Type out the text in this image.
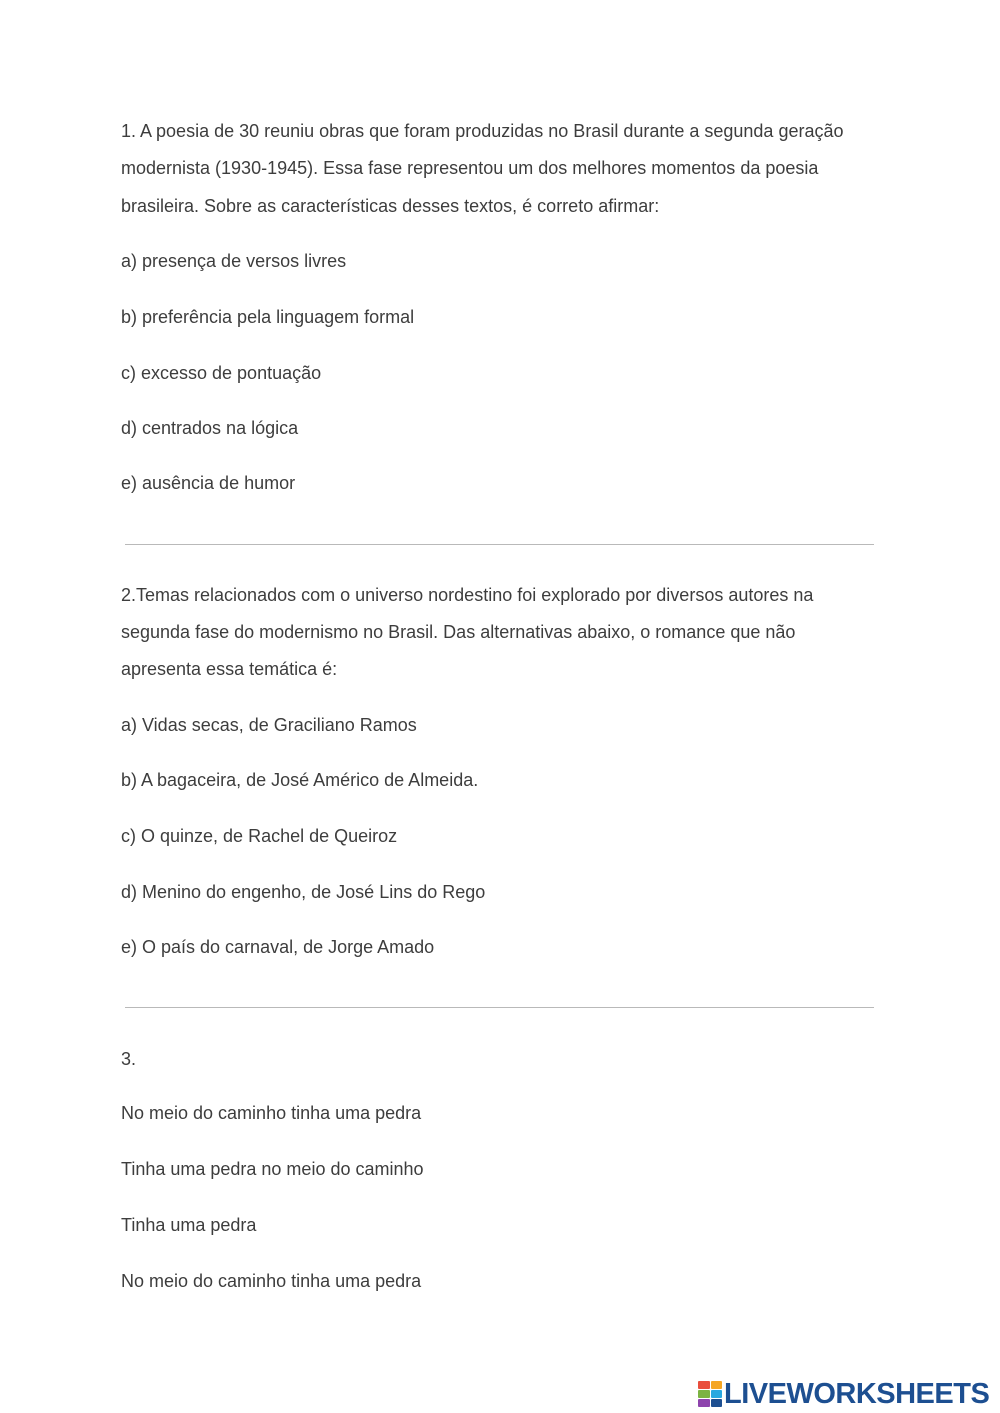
1. A poesia de 30 reuniu obras que foram produzidas no Brasil durante a segunda geração
modernista (1930-1945). Essa fase representou um dos melhores momentos da poesia
brasileira. Sobre as características desses textos, é correto afirmar:
a) presença de versos livres
b) preferência pela linguagem formal
c) excesso de pontuação
d) centrados na lógica
e) ausência de humor
2.Temas relacionados com o universo nordestino foi explorado por diversos autores na
segunda fase do modernismo no Brasil. Das alternativas abaixo, o romance que não
apresenta essa temática é:
a) Vidas secas, de Graciliano Ramos
b) A bagaceira, de José Américo de Almeida.
c) O quinze, de Rachel de Queiroz
d) Menino do engenho, de José Lins do Rego
e) O país do carnaval, de Jorge Amado
3.
No meio do caminho tinha uma pedra
Tinha uma pedra no meio do caminho
Tinha uma pedra
No meio do caminho tinha uma pedra
LIVEWORKSHEETS
